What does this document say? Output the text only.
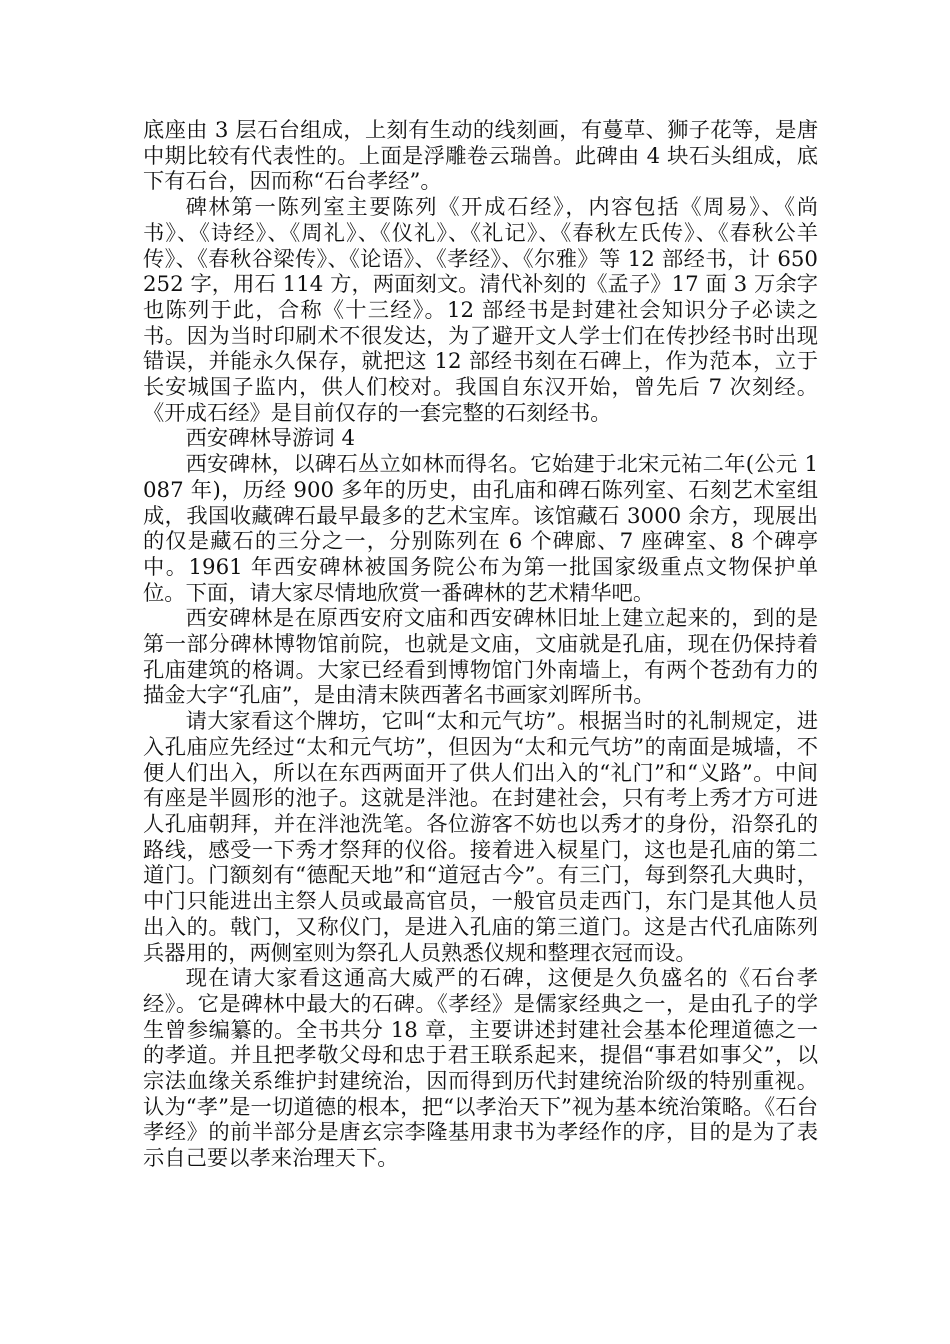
底座由 3 层石台组成，上刻有生动的线刻画，有蔓草、狮子花等，是唐中期比较有代表性的。上面是浮雕卷云瑞兽。此碑由 4 块石头组成，底下有石台，因而称“石台孝经”。

碑林第一陈列室主要陈列《开成石经》，内容包括《周易》、《尚书》、《诗经》、《周礼》、《仪礼》、《礼记》、《春秋左氏传》、《春秋公羊传》、《春秋谷梁传》、《论语》、《孝经》、《尔雅》等 12 部经书，计 650252 字，用石 114 方，两面刻文。清代补刻的《孟子》17 面 3 万余字也陈列于此，合称《十三经》。12 部经书是封建社会知识分子必读之书。因为当时印刷术不很发达，为了避开文人学士们在传抄经书时出现错误，并能永久保存，就把这 12 部经书刻在石碑上，作为范本，立于长安城国子监内，供人们校对。我国自东汉开始，曾先后 7 次刻经。《开成石经》是目前仅存的一套完整的石刻经书。

西安碑林导游词 4

西安碑林，以碑石丛立如林而得名。它始建于北宋元祐二年(公元 1087 年)，历经 900 多年的历史，由孔庙和碑石陈列室、石刻艺术室组成，我国收藏碑石最早最多的艺术宝库。该馆藏石 3000 余方，现展出的仅是藏石的三分之一，分别陈列在 6 个碑廊、7 座碑室、8 个碑亭中。1961 年西安碑林被国务院公布为第一批国家级重点文物保护单位。下面，请大家尽情地欣赏一番碑林的艺术精华吧。

西安碑林是在原西安府文庙和西安碑林旧址上建立起来的，到的是第一部分碑林博物馆前院，也就是文庙，文庙就是孔庙，现在仍保持着孔庙建筑的格调。大家已经看到博物馆门外南墙上，有两个苍劲有力的描金大字“孔庙”，是由清末陕西著名书画家刘晖所书。

请大家看这个牌坊，它叫“太和元气坊”。根据当时的礼制规定，进入孔庙应先经过“太和元气坊”，但因为“太和元气坊”的南面是城墙，不便人们出入，所以在东西两面开了供人们出入的“礼门”和“义路”。中间有座是半圆形的池子。这就是泮池。在封建社会，只有考上秀才方可进人孔庙朝拜，并在泮池洗笔。各位游客不妨也以秀才的身份，沿祭孔的路线，感受一下秀才祭拜的仪俗。接着进入棂星门，这也是孔庙的第二道门。门额刻有“德配天地”和“道冠古今”。有三门，每到祭孔大典时，中门只能进出主祭人员或最高官员，一般官员走西门，东门是其他人员出入的。戟门，又称仪门，是进入孔庙的第三道门。这是古代孔庙陈列兵器用的，两侧室则为祭孔人员熟悉仪规和整理衣冠而设。

现在请大家看这通高大威严的石碑，这便是久负盛名的《石台孝经》。它是碑林中最大的石碑。《孝经》是儒家经典之一，是由孔子的学生曾参编纂的。全书共分 18 章，主要讲述封建社会基本伦理道德之一的孝道。并且把孝敬父母和忠于君王联系起来，提倡“事君如事父”，以宗法血缘关系维护封建统治，因而得到历代封建统治阶级的特别重视。认为“孝”是一切道德的根本，把“以孝治天下”视为基本统治策略。《石台孝经》的前半部分是唐玄宗李隆基用隶书为孝经作的序，目的是为了表示自己要以孝来治理天下。
